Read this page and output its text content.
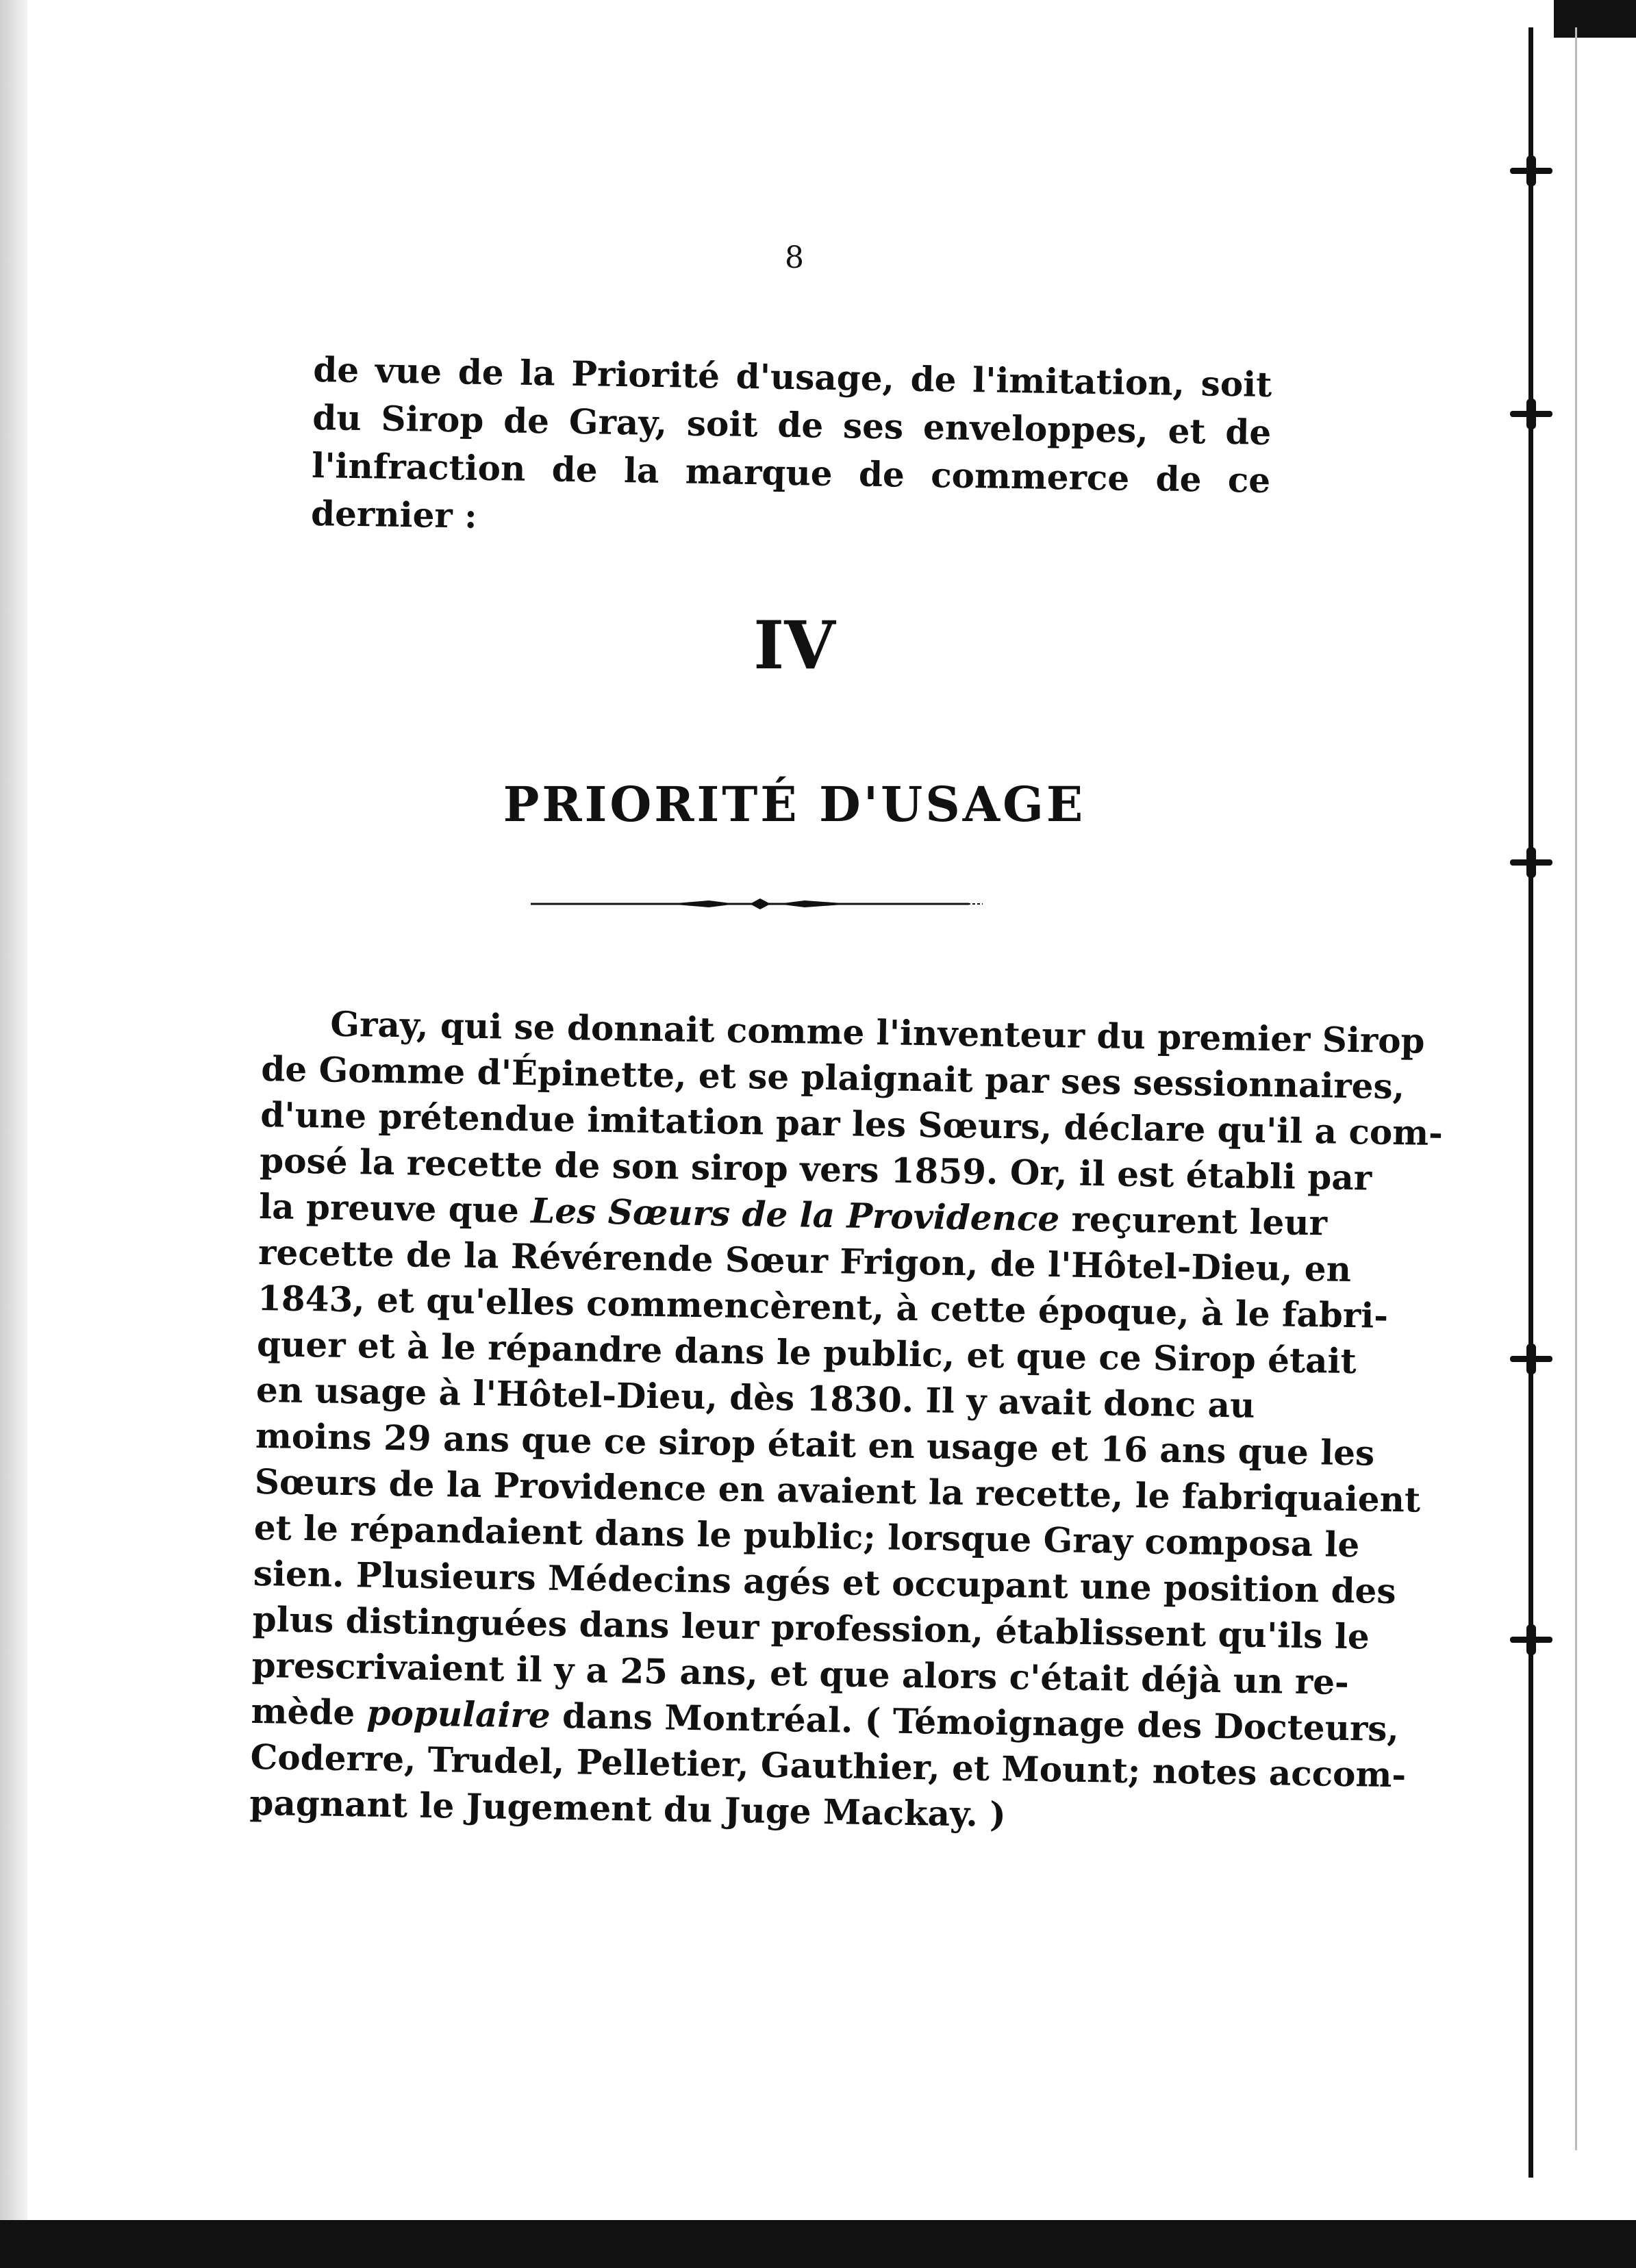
8
de vue de la Priorité d'usage, de l'imitation, soit du Sirop de Gray, soit de ses enveloppes, et de l'infraction de la marque de commerce de ce dernier :
IV
PRIORITÉ D'USAGE
Gray, qui se donnait comme l'inventeur du premier Sirop
de Gomme d'Épinette, et se plaignait par ses sessionnaires,
d'une prétendue imitation par les Sœurs, déclare qu'il a com-
posé la recette de son sirop vers 1859. Or, il est établi par
la preuve que Les Sœurs de la Providence reçurent leur
recette de la Révérende Sœur Frigon, de l'Hôtel-Dieu, en
1843, et qu'elles commencèrent, à cette époque, à le fabri-
quer et à le répandre dans le public, et que ce Sirop était
en usage à l'Hôtel-Dieu, dès 1830. Il y avait donc au
moins 29 ans que ce sirop était en usage et 16 ans que les
Sœurs de la Providence en avaient la recette, le fabriquaient
et le répandaient dans le public; lorsque Gray composa le
sien. Plusieurs Médecins agés et occupant une position des
plus distinguées dans leur profession, établissent qu'ils le
prescrivaient il y a 25 ans, et que alors c'était déjà un re-
mède populaire dans Montréal. ( Témoignage des Docteurs,
Coderre, Trudel, Pelletier, Gauthier, et Mount; notes accom-
pagnant le Jugement du Juge Mackay. )
